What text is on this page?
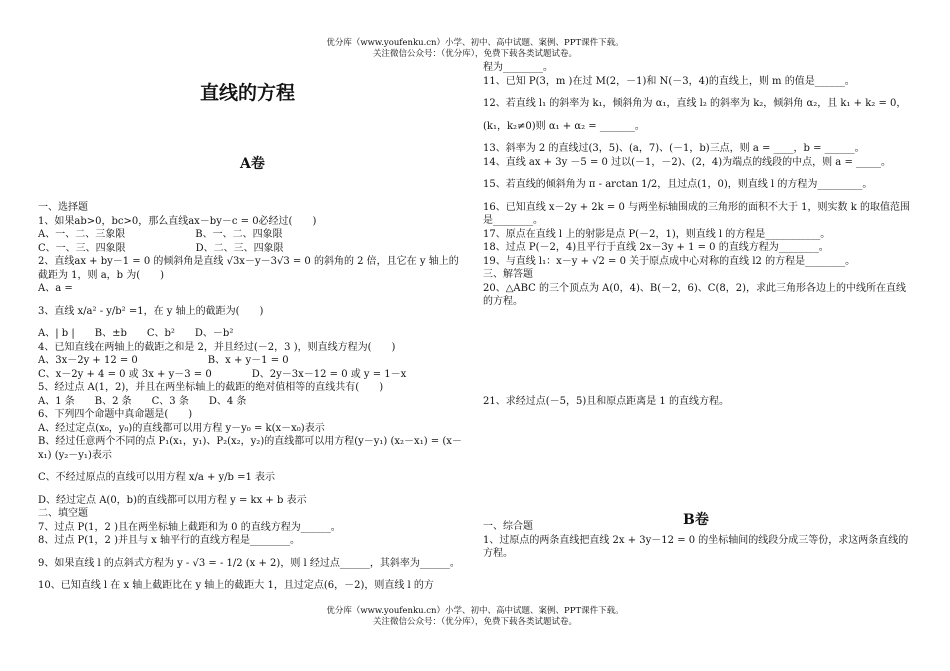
优分库（www.youfenku.cn）小学、初中、高中试题、案例、PPT课件下载。
关注微信公众号：（优分库），免费下载各类试题试卷。
直线的方程
A卷
B卷

一、选择题

1、如果ab>0，bc>0，那么直线ax－by－c = 0必经过(　　)

A、一、二、三象限　　　　　　　B、一、二、四象限

C、一、三、四象限　　　　　　　D、二、三、四象限

2、直线ax + by－1 = 0 的倾斜角是直线 √3x－y－3√3 = 0 的斜角的 2 倍，且它在 y 轴上的截距为 1，则 a，b 为(　　)

A、a =

3、直线 x/a² - y/b² =1，在 y 轴上的截距为(　　)

A、| b |　　B、±b　　C、b²　　D、－b²

4、已知直线在两轴上的截距之和是 2，并且经过(－2，3 )，则直线方程为(　　)

A、3x－2y + 12 = 0　　　　　　　B、x + y－1 = 0

C、x－2y + 4 = 0 或 3x + y－3 = 0　　　　D、2y－3x－12 = 0 或 y = 1－x

5、经过点 A(1，2)，并且在两坐标轴上的截距的绝对值相等的直线共有(　　)

A、1 条　　B、2 条　　C、3 条　　D、4 条

6、下列四个命题中真命题是(　　)

A、经过定点(x₀，y₀)的直线都可以用方程 y－y₀ = k(x－x₀)表示

B、经过任意两个不同的点 P₁(x₁，y₁)、P₂(x₂，y₂)的直线都可以用方程(y－y₁) (x₂－x₁) = (x－x₁) (y₂－y₁)表示

C、不经过原点的直线可以用方程 x/a + y/b =1 表示

D、经过定点 A(0，b)的直线都可以用方程 y = kx + b 表示

二、填空题

7、过点 P(1，2 )且在两坐标轴上截距和为 0 的直线方程为______。

8、过点 P(1，2 )并且与 x 轴平行的直线方程是________。

9、如果直线 l 的点斜式方程为 y - √3 = - 1/2 (x + 2)，则 l 经过点______，其斜率为______。

10、已知直线 l 在 x 轴上截距比在 y 轴上的截距大 1，且过定点(6，－2)，则直线 l 的方

程为________。

11、已知 P(3，m )在过 M(2，－1)和 N(－3，4)的直线上，则 m 的值是______。

12、若直线 l₁ 的斜率为 k₁，倾斜角为 α₁，直线 l₂ 的斜率为 k₂，倾斜角 α₂，且 k₁ + k₂ = 0，

(k₁，k₂≠0)则 α₁ + α₂ = _______。

13、斜率为 2 的直线过(3，5)、(a，7)、(－1，b)三点，则 a = ____，b = ______。

14、直线 ax + 3y －5 = 0 过以(－1，－2)、(2，4)为端点的线段的中点，则 a = _____。

15、若直线的倾斜角为 π - arctan 1/2，且过点(1，0)，则直线 l 的方程为_________。

16、已知直线 x－2y + 2k = 0 与两坐标轴围成的三角形的面积不大于 1，则实数 k 的取值范围是________。

17、原点在直线 l 上的射影是点 P(－2，1)，则直线 l 的方程是___________。

18、过点 P(－2，4)且平行于直线 2x－3y + 1 = 0 的直线方程为________。

19、与直线 l₁：x－y + √2 = 0 关于原点成中心对称的直线 l2 的方程是________。

三、解答题

20、△ABC 的三个顶点为 A(0，4)、B(－2，6)、C(8，2)，求此三角形各边上的中线所在直线的方程。

21、求经过点(－5，5)且和原点距离是 1 的直线方程。

一、综合题

1、过原点的两条直线把直线 2x + 3y－12 = 0 的坐标轴间的线段分成三等份，求这两条直线的方程。

优分库（www.youfenku.cn）小学、初中、高中试题、案例、PPT课件下载。
关注微信公众号：（优分库），免费下载各类试题试卷。
